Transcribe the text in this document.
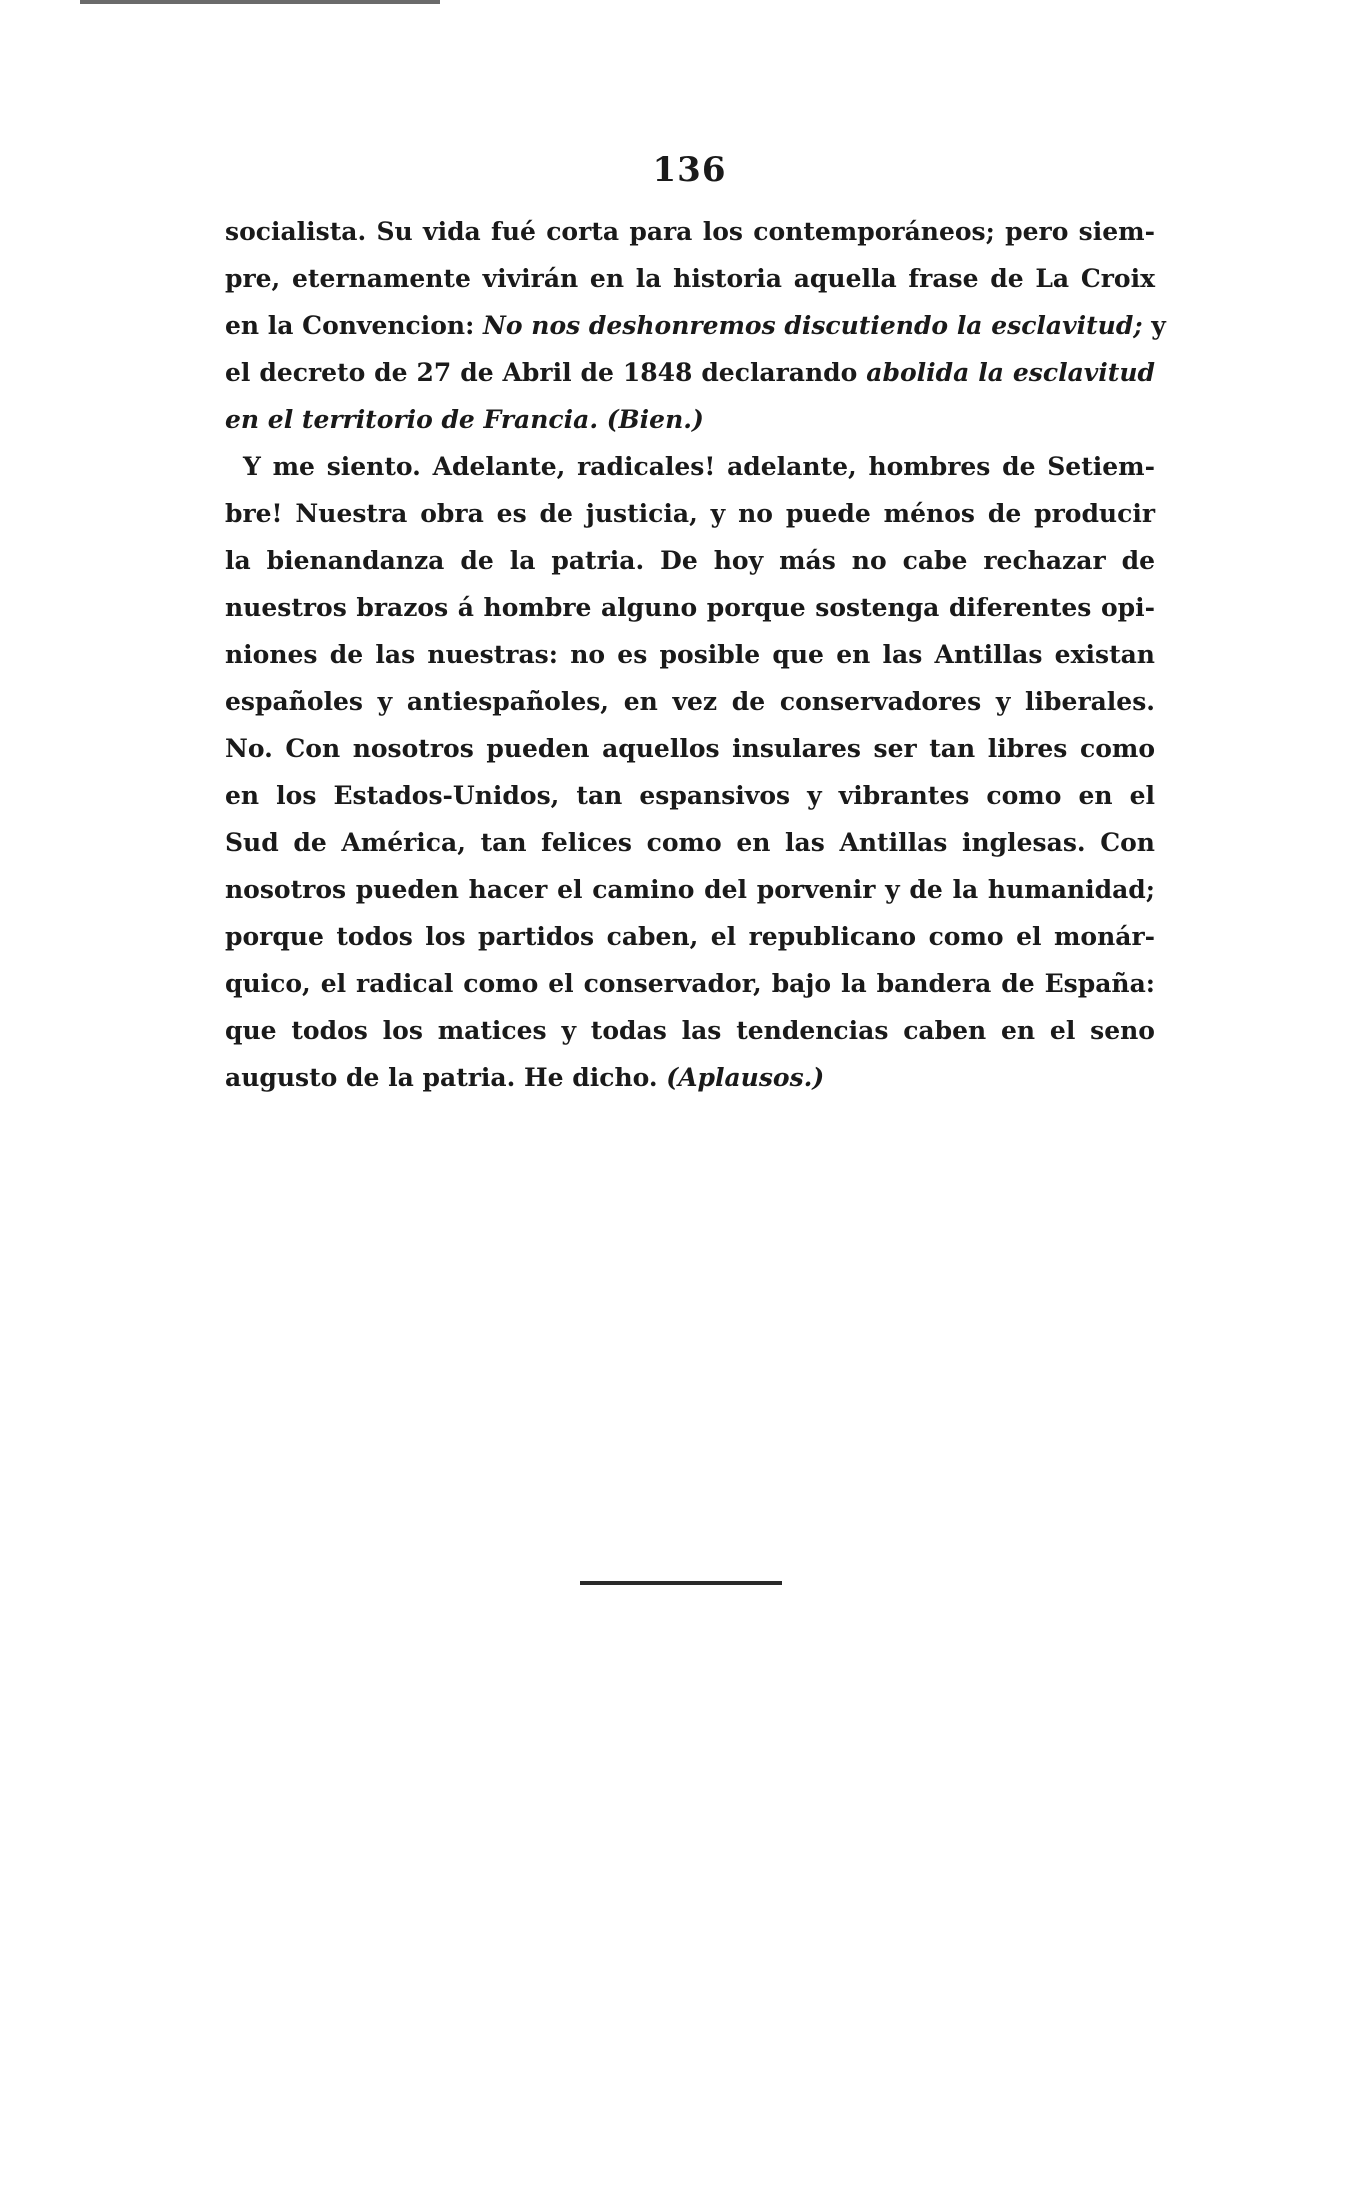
136
socialista. Su vida fué corta para los contemporáneos; pero siem-
pre, eternamente vivirán en la historia aquella frase de La Croix
en la Convencion: No nos deshonremos discutiendo la esclavitud; y
el decreto de 27 de Abril de 1848 declarando abolida la esclavitud
en el territorio de Francia. (Bien.)
Y me siento. Adelante, radicales! adelante, hombres de Setiem-
bre! Nuestra obra es de justicia, y no puede ménos de producir
la bienandanza de la patria. De hoy más no cabe rechazar de
nuestros brazos á hombre alguno porque sostenga diferentes opi-
niones de las nuestras: no es posible que en las Antillas existan
españoles y antiespañoles, en vez de conservadores y liberales.
No. Con nosotros pueden aquellos insulares ser tan libres como
en los Estados-Unidos, tan espansivos y vibrantes como en el
Sud de América, tan felices como en las Antillas inglesas. Con
nosotros pueden hacer el camino del porvenir y de la humanidad;
porque todos los partidos caben, el republicano como el monár-
quico, el radical como el conservador, bajo la bandera de España:
que todos los matices y todas las tendencias caben en el seno
augusto de la patria. He dicho. (Aplausos.)
